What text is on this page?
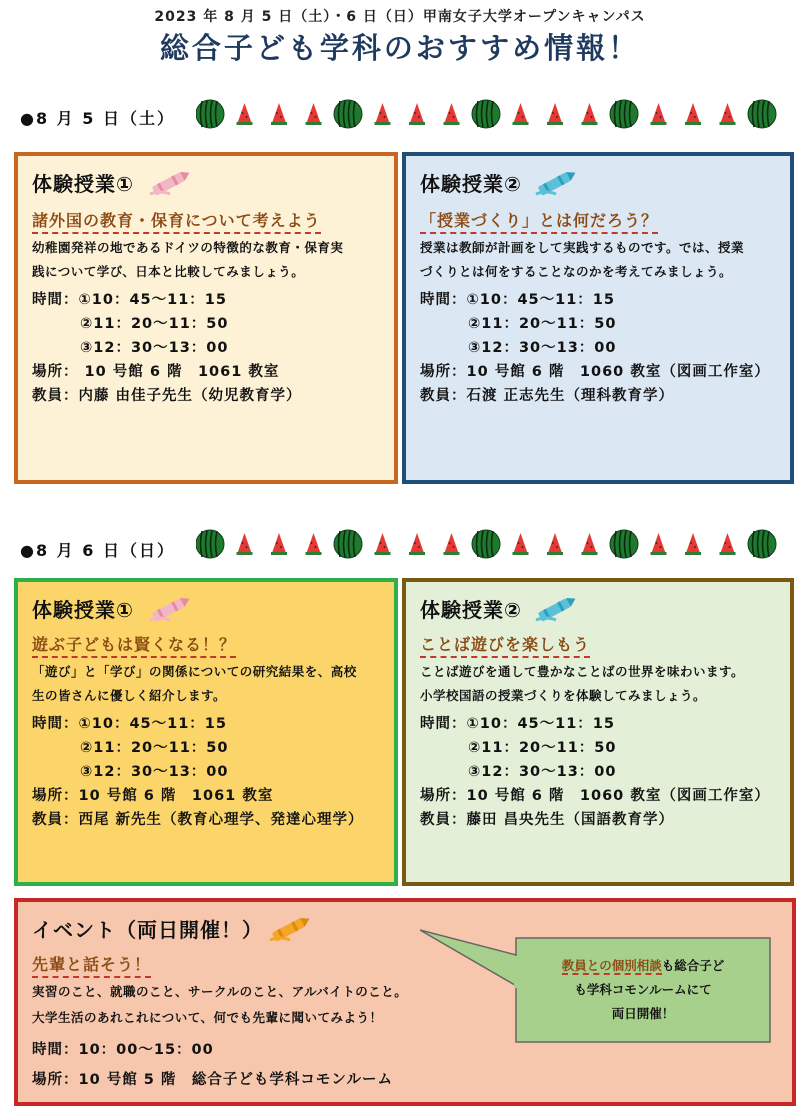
2023 年 8 月 5 日（土）・6 日（日）甲南女子大学オープンキャンパス
総合子ども学科のおすすめ情報！
●8 月 5 日（土）
体験授業①
諸外国の教育・保育について考えよう
幼稚園発祥の地であるドイツの特徴的な教育・保育実
践について学び、日本と比較してみましょう。
時間：①10：45～11：15
②11：20～11：50
③12：30～13：00
場所： 10 号館 6 階　1061 教室
教員：内藤 由佳子先生（幼児教育学）
体験授業②
「授業づくり」とは何だろう？
授業は教師が計画をして実践するものです。では、授業
づくりとは何をすることなのかを考えてみましょう。
時間：①10：45～11：15
②11：20～11：50
③12：30～13：00
場所：10 号館 6 階　1060 教室（図画工作室）
教員：石渡 正志先生（理科教育学）
●8 月 6 日（日）
体験授業①
遊ぶ子どもは賢くなる！？
「遊び」と「学び」の関係についての研究結果を、高校
生の皆さんに優しく紹介します。
時間：①10：45～11：15
②11：20～11：50
③12：30～13：00
場所：10 号館 6 階　1061 教室
教員：西尾 新先生（教育心理学、発達心理学）
体験授業②
ことば遊びを楽しもう
ことば遊びを通して豊かなことばの世界を味わいます。
小学校国語の授業づくりを体験してみましょう。
時間：①10：45～11：15
②11：20～11：50
③12：30～13：00
場所：10 号館 6 階　1060 教室（図画工作室）
教員：藤田 昌央先生（国語教育学）
イベント（両日開催！）
先輩と話そう！
実習のこと、就職のこと、サークルのこと、アルバイトのこと。
大学生活のあれこれについて、何でも先輩に聞いてみよう！
時間：10：00～15：00
場所：10 号館 5 階　総合子ども学科コモンルーム
教員との個別相談も総合子ど
も学科コモンルームにて
両日開催！
